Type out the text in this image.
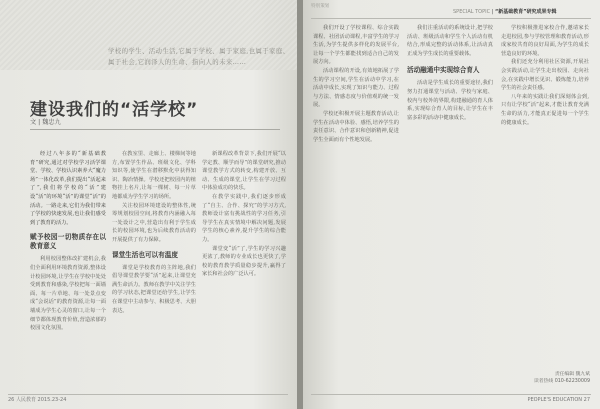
学校的学生、活动生活,它属于学校、属于家庭,也属于家庭、属于社会,它润泽人的生命、指向人的未来……
建设我们的“活学校”
文 | 魏忠九

经过八年多的“新基础教育”研究,通过对学校学习活学课堂、学校、学校认识素养大“魔力场”一体化改革,我们提出“活起来了”,我们将学校的“活”建设“活”的环境“活”的课堂“活”的活动。一路走来,它们为我们带来了学校的快速发展,也让我们感受到了教育的活力。

赋予校园一切物质存在以教育意义

利用校园整体改扩建机会,我们全面利用环境教育资源,整体设计校园环境,让学生在学校中处处受到教育和感染,学校把每一面墙面、每一片草地、每一处景点变成“会说话”的教育资源,让每一面墙成为学生心灵的窗口,让每一个细节都体现教育价值,营造浓郁的校园文化氛围。

在教室里、走廊上、楼梯间等地方,布置学生作品、班级文化、学科知识等,使学生在潜移默化中获得知识、陶冶情操。学校还把校园内的植物挂上名片,让每一棵树、每一片草地都成为学生学习的场所。

关注校园环境建设的整体性,统筹规划校园空间,将教育内涵融入每一处设计之中,营造出有利于学生成长的校园环境,也为后续教育活动的开展提供了有力保障。

课堂生活也可以有温度

课堂是学校教育的主阵地,我们倡导课堂教学要“活”起来,让课堂充满生命活力。教师在教学中关注学生的学习状态,把课堂还给学生,让学生在课堂中主动参与、积极思考、大胆表达。

新课程改革背景下,我们开展“以学定教、顺学而导”的课堂研究,推动课堂教学方式的转变,构建开放、互动、生成的课堂,让学生在学习过程中体验成功的快乐。

在教学实践中,我们逐步形成了“自主、合作、探究”的学习方式,教师设计富有挑战性的学习任务,引导学生在真实情境中解决问题,发展学生的核心素养,提升学生的综合能力。

课堂变“活”了,学生的学习兴趣更浓了,教师的专业成长也更快了,学校的教育教学质量稳步提升,赢得了家长和社会的广泛认可。

26 人民教育 2015.23-24
特别策划
SPECIAL TOPIC | “新基础教育”研究成果专辑

我们开设了学校课程、综合实践课程、社团活动课程,丰富学生的学习生活,为学生提供多样化的发展平台,让每一个学生都能找到适合自己的发展方向。

活动课程的开设,有效地拓展了学生的学习空间,学生在活动中学习,在活动中成长,实现了知识与能力、过程与方法、情感态度与价值观的统一发展。

学校还积极开展主题教育活动,让学生在活动中体验、感悟,培养学生的责任意识、合作意识和创新精神,促进学生全面而有个性地发展。

我们注重活动的系统设计,把学校活动、班级活动和学生个人活动有机结合,形成完整的活动体系,让活动真正成为学生成长的重要载体。

活动融通中实现综合育人

活动是学生成长的重要途径,我们努力打通课堂与活动、学校与家庭、校内与校外的界限,构建融通的育人体系,实现综合育人的目标,让学生在丰富多彩的活动中健康成长。

学校积极推进家校合作,邀请家长走进校园,参与学校管理和教育活动,形成家校共育的良好局面,为学生的成长营造良好的环境。

我们还充分利用社区资源,开展社会实践活动,让学生走出校园、走向社会,在实践中增长见识、锻炼能力,培养学生的社会责任感。

八年来的实践让我们深刻体会到,只有让学校“活”起来,才能让教育充满生命的活力,才能真正促进每一个学生的健康成长。

责任编辑 魏九斌
读者热线 010-62230009
PEOPLE'S EDUCATION 27
